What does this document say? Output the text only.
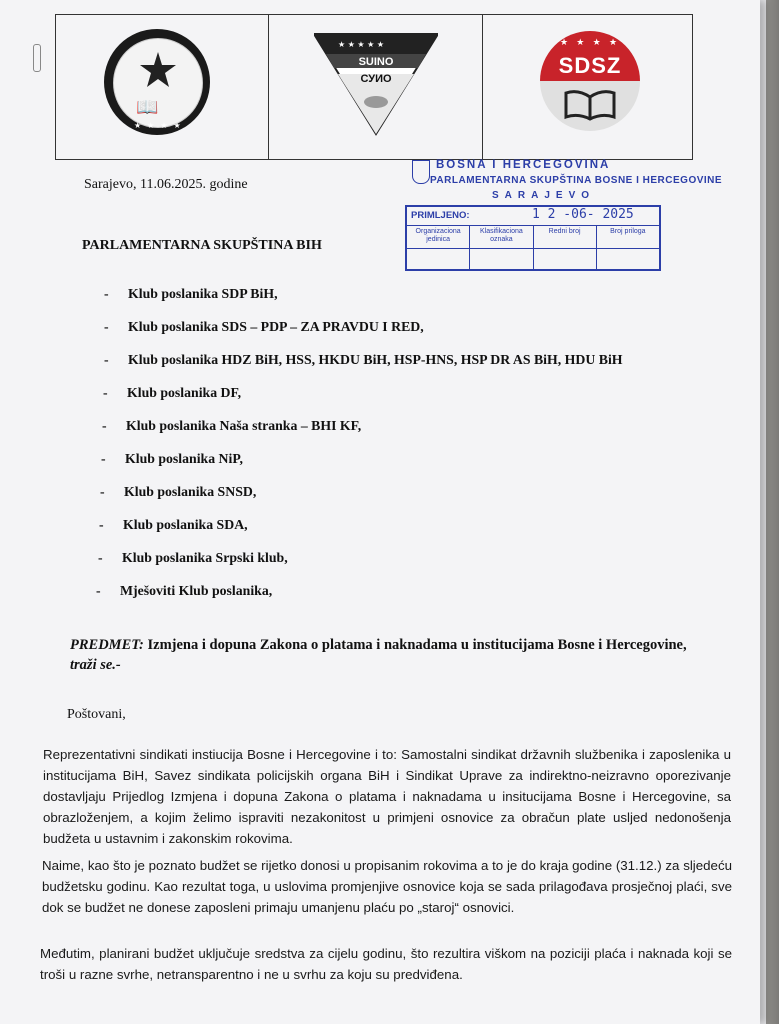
📖
★ ★ ★ ★
★ ★ ★ ★ ★
SUINO
СУИО
★ ★ ★ ★
SDSZ
Sarajevo, 11.06.2025. godine
BOSNA I HERCEGOVINA
PARLAMENTARNA SKUPŠTINA BOSNE I HERCEGOVINE
SARAJEVO
PRIMLJENO:	1 2 -06- 2025
Organizaciona jedinica
Klasifikaciona oznaka
Redni broj	Broj priloga
PARLAMENTARNA SKUPŠTINA BIH
- Klub poslanika SDP BiH,
- Klub poslanika SDS – PDP – ZA PRAVDU I RED,
- Klub poslanika HDZ BiH, HSS, HKDU BiH, HSP-HNS, HSP DR AS BiH, HDU BiH
- Klub poslanika DF,
- Klub poslanika Naša stranka – BHI KF,
- Klub poslanika NiP,
- Klub poslanika SNSD,
- Klub poslanika SDA,
- Klub poslanika Srpski klub,
- Mješoviti Klub poslanika,
PREDMET: Izmjena i dopuna Zakona o platama i naknadama u institucijama Bosne i Hercegovine,
traži se.-
Poštovani,
Reprezentativni sindikati instiucija Bosne i Hercegovine i to: Samostalni sindikat državnih službenika i zaposlenika u institucijama BiH, Savez sindikata policijskih organa BiH i Sindikat Uprave za indirektno-neizravno oporezivanje dostavljaju Prijedlog Izmjena i dopuna Zakona o platama i naknadama u insitucijama Bosne i Hercegovine, sa obrazloženjem, a kojim želimo ispraviti nezakonitost u primjeni osnovice za obračun plate usljed nedonošenja budžeta u ustavnim i zakonskim rokovima.
Naime, kao što je poznato budžet se rijetko donosi u propisanim rokovima a to je do kraja godine (31.12.) za sljedeću budžetsku godinu. Kao rezultat toga, u uslovima promjenjive osnovice koja se sada prilagođava prosječnoj plaći, sve dok se budžet ne donese zaposleni primaju umanjenu plaću po „starој“ osnovici.
Međutim, planirani budžet uključuje sredstva za cijelu godinu, što rezultira viškom na poziciji plaća i naknada koji se troši u razne svrhe, netransparentno i ne u svrhu za koju su predviđena.
